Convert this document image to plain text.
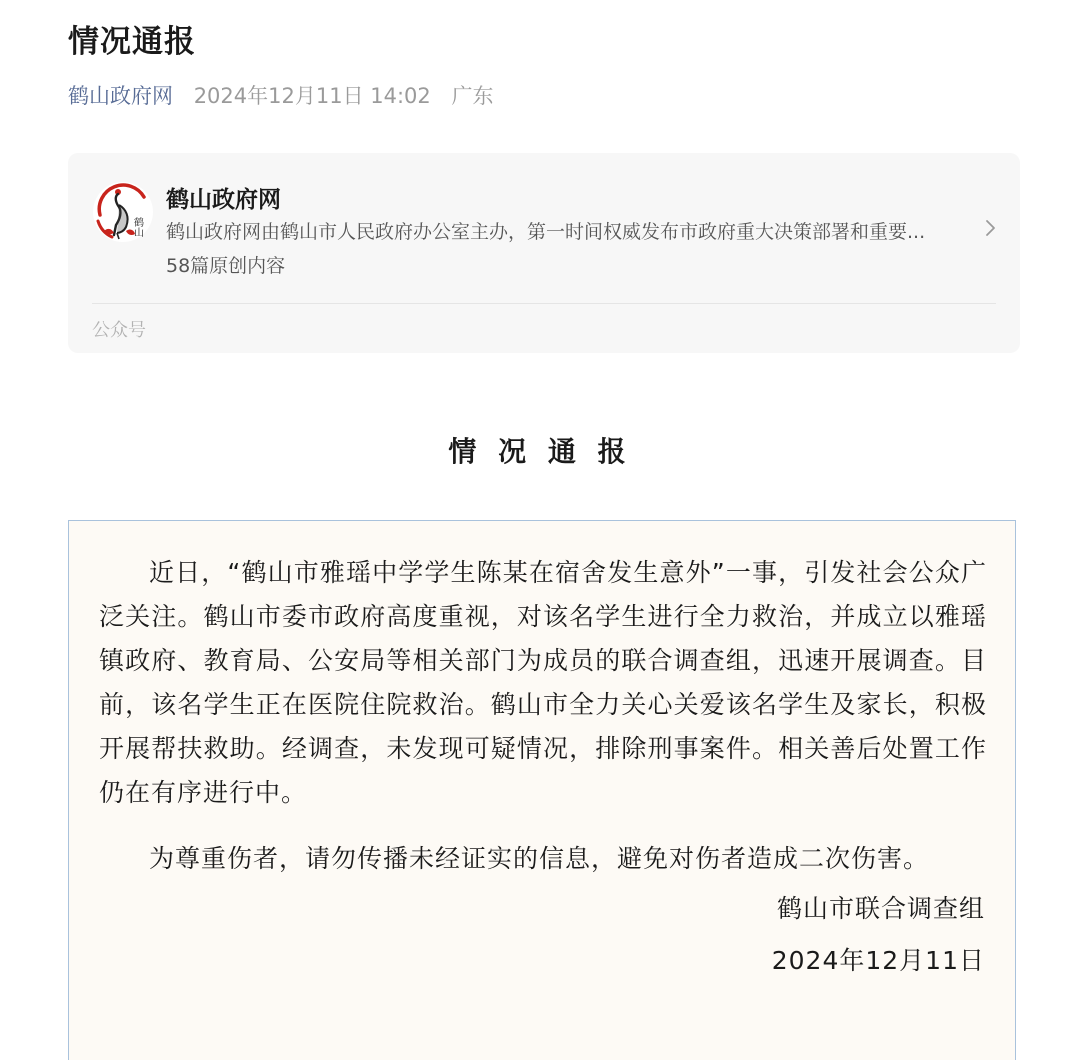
情况通报
鹤山政府网 2024年12月11日 14:02 广东
鹤山
鹤山政府网
鹤山政府网由鹤山市人民政府办公室主办，第一时间权威发布市政府重大决策部署和重要...
58篇原创内容
公众号
情 况 通 报

近日，“鹤山市雅瑶中学学生陈某在宿舍发生意外”一事，引发社会公众广泛关注。鹤山市委市政府高度重视，对该名学生进行全力救治，并成立以雅瑶镇政府、教育局、公安局等相关部门为成员的联合调查组，迅速开展调查。目前，该名学生正在医院住院救治。鹤山市全力关心关爱该名学生及家长，积极开展帮扶救助。经调查，未发现可疑情况，排除刑事案件。相关善后处置工作仍在有序进行中。

为尊重伤者，请勿传播未经证实的信息，避免对伤者造成二次伤害。

鹤山市联合调查组
2024年12月11日
